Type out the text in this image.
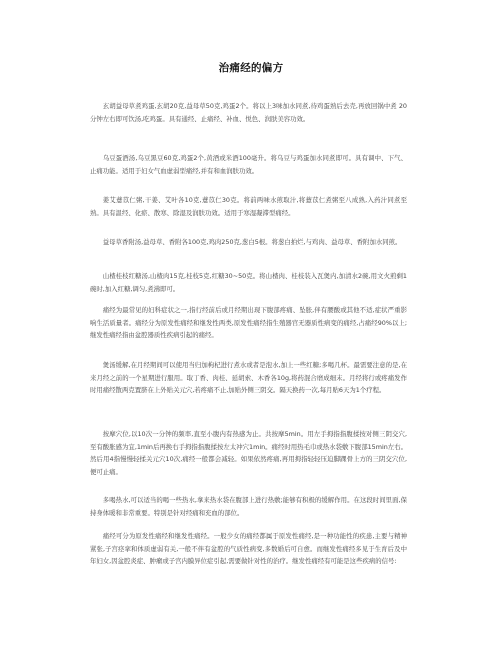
治痛经的偏方
玄胡益母草煮鸡蛋,玄胡20克,益母草50克,鸡蛋2个。将以上3味加水同煮,待鸡蛋熟后去壳,再放回锅中煮 20 分钟左右即可饮汤,吃鸡蛋。具有通经、止痛经、补血、悦色、润肤美容功效。
乌豆蛋酒汤,乌豆黑豆60克,鸡蛋2个,黄酒或米酒100毫升。将乌豆与鸡蛋加水同煮即可。具有调中、下气、止痛功能。适用于妇女气血虚弱型痛经,并有和血润肤功效。
姜艾薏苡仁粥,干姜、艾叶各10克,薏苡仁30克。将前两味水煎取汁,将薏苡仁煮粥至八成熟,入药汁同煮至熟。具有温经、化瘀、散寒、除湿及润肤功效。适用于寒湿凝滞型痛经。
益母草香附汤,益母草、香附各100克,鸡肉250克,葱白5根。将葱白拍烂,与鸡肉、益母草、香附加水同煎。
山楂桂枝红糖汤,山楂肉15克,桂枝5克,红糖30~50克。将山楂肉、桂枝装入瓦煲内,加清水2碗,用文火煎剩1碗时,加入红糖,调匀,煮沸即可。
痛经为最常见的妇科症状之一,指行经前后或月经期出现下腹部疼痛、坠胀,伴有腰酸或其他不适,症状严重影响生活质量者。痛经分为原发性痛经和继发性两类,原发性痛经指生殖器官无器质性病变的痛经,占痛经90%以上;继发性痛经指由盆腔器质性疾病引起的痛经。
煲汤缓解,在月经期间可以使用当归加枸杞进行煮水或者是泡水,加上一些红糖;多喝几杯。最需要注意的是,在来月经之前的一个星期进行服用。取丁香、肉桂、延胡索、木香各10g,将药混合磨成细末。月经将行或疼痛发作时用痛经散两克置脐在上外贴关元穴,若疼痛不止,加贴外侧三阴交。隔天换药一次,每月贴6天为1个疗程。
按摩穴位,以10次一分钟的频率,直至小腹内有热感为止。共按摩5min。用左手拇指指腹揉按对侧三阴交穴,至有酸胀感为宜,1min后再换右手拇指指腹揉按左太冲穴1min。痛经时用热毛巾或热水袋敷下腹部15min左右。然后用4指慢慢轻揉关元穴10次,痛经一般都会减轻。如果依然疼痛,再用拇指轻轻压迫脚踝骨上方的三阴交穴位,便可止痛。
多喝热水,可以适当的喝一些热水,拿来热水袋在腹部上进行热敷;能够有积极的缓解作用。在这段时间里面,保持身体暖和非常重要。特别是针对经痛和充血的部位。
痛经可分为原发性痛经和继发性痛经。一般少女的痛经都属于原发性痛经,是一种功能性的疾患,主要与精神紧张,子宫痉挛和体质虚弱有关,一般不伴有盆腔的气质性病变,多数婚后可自愈。而继发性痛经多见于生育后及中年妇女,因盆腔炎症、肿瘤或子宫内膜异位症引起,需要做针对性的治疗。继发性痛经有可能是这些疾病的信号:
